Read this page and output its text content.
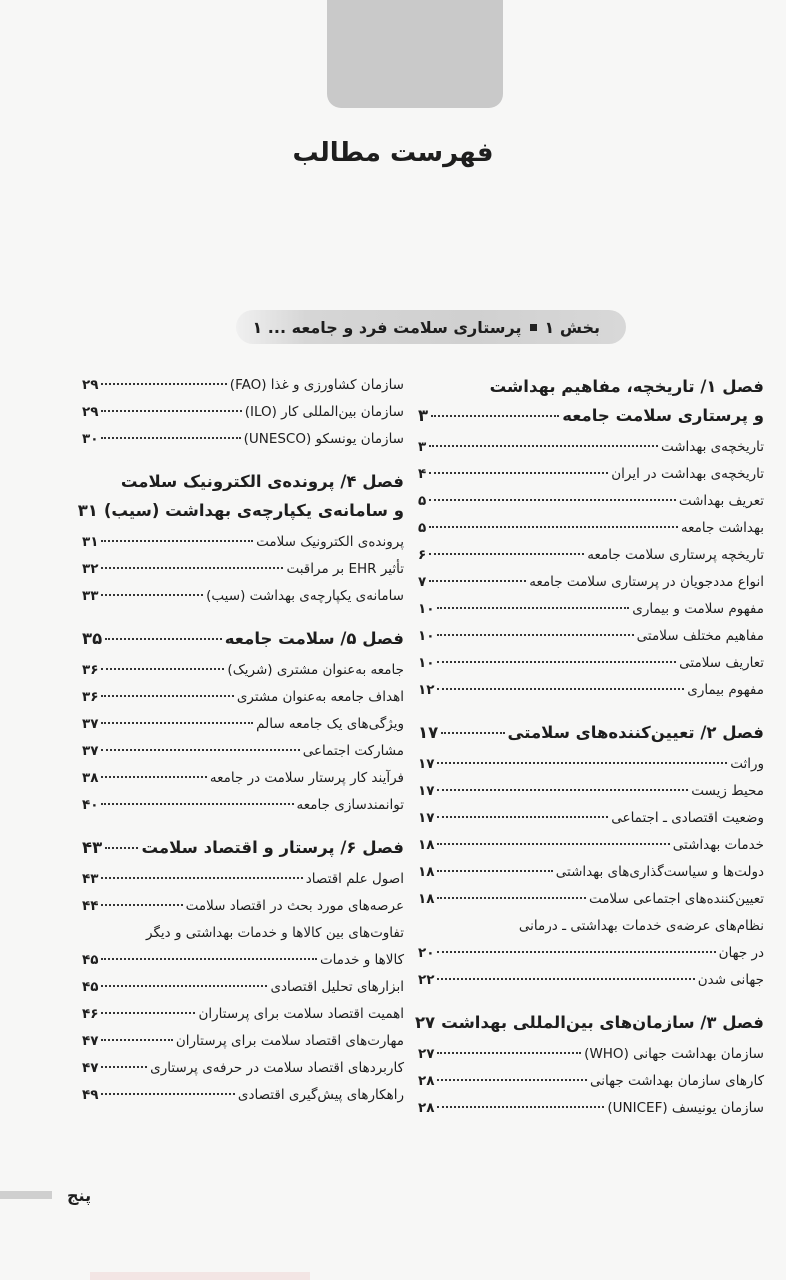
فهرست مطالب
بخش ۱
پرستاری سلامت فرد و جامعه ... ۱
فصل ۱/ تاریخچه، مفاهیم بهداشت
و پرستاری سلامت جامعه
۳
تاریخچه‌ی بهداشت
۳
تاریخچه‌ی بهداشت در ایران
۴
تعریف بهداشت
۵
بهداشت جامعه
۵
تاریخچه پرستاری سلامت جامعه
۶
انواع مددجویان در پرستاری سلامت جامعه
۷
مفهوم سلامت و بیماری
۱۰
مفاهیم مختلف سلامتی
۱۰
تعاریف سلامتی
۱۰
مفهوم بیماری
۱۲
فصل ۲/ تعیین‌کننده‌های سلامتی
۱۷
وراثت
۱۷
محیط زیست
۱۷
وضعیت اقتصادی ـ اجتماعی
۱۷
خدمات بهداشتی
۱۸
دولت‌ها و سیاست‌گذاری‌های بهداشتی
۱۸
تعیین‌کننده‌های اجتماعی سلامت
۱۸
نظام‌های عرضه‌ی خدمات بهداشتی ـ درمانی
در جهان
۲۰
جهانی شدن
۲۲
فصل ۳/ سازمان‌های بین‌المللی بهداشت
۲۷
سازمان بهداشت جهانی (WHO)
۲۷
کارهای سازمان بهداشت جهانی
۲۸
سازمان یونیسف (UNICEF)
۲۸
سازمان کشاورزی و غذا (FAO)
۲۹
سازمان بین‌المللی کار (ILO)
۲۹
سازمان یونسکو (UNESCO)
۳۰
فصل ۴/ پرونده‌ی الکترونیک سلامت
و سامانه‌ی یکپارچه‌ی بهداشت (سیب)
۳۱
پرونده‌ی الکترونیک سلامت
۳۱
تأثیر EHR بر مراقبت
۳۲
سامانه‌ی یکپارچه‌ی بهداشت (سیب)
۳۳
فصل ۵/ سلامت جامعه
۳۵
جامعه به‌عنوان مشتری (شریک)
۳۶
اهداف جامعه به‌عنوان مشتری
۳۶
ویژگی‌های یک جامعه سالم
۳۷
مشارکت اجتماعی
۳۷
فرآیند کار پرستار سلامت در جامعه
۳۸
توانمندسازی جامعه
۴۰
فصل ۶/ پرستار و اقتصاد سلامت
۴۳
اصول علم اقتصاد
۴۳
عرصه‌های مورد بحث در اقتصاد سلامت
۴۴
تفاوت‌های بین کالاها و خدمات بهداشتی و دیگر
کالاها و خدمات
۴۵
ابزارهای تحلیل اقتصادی
۴۵
اهمیت اقتصاد سلامت برای پرستاران
۴۶
مهارت‌های اقتصاد سلامت برای پرستاران
۴۷
کاربردهای اقتصاد سلامت در حرفه‌ی پرستاری
۴۷
راهکارهای پیش‌گیری اقتصادی
۴۹
پنج
